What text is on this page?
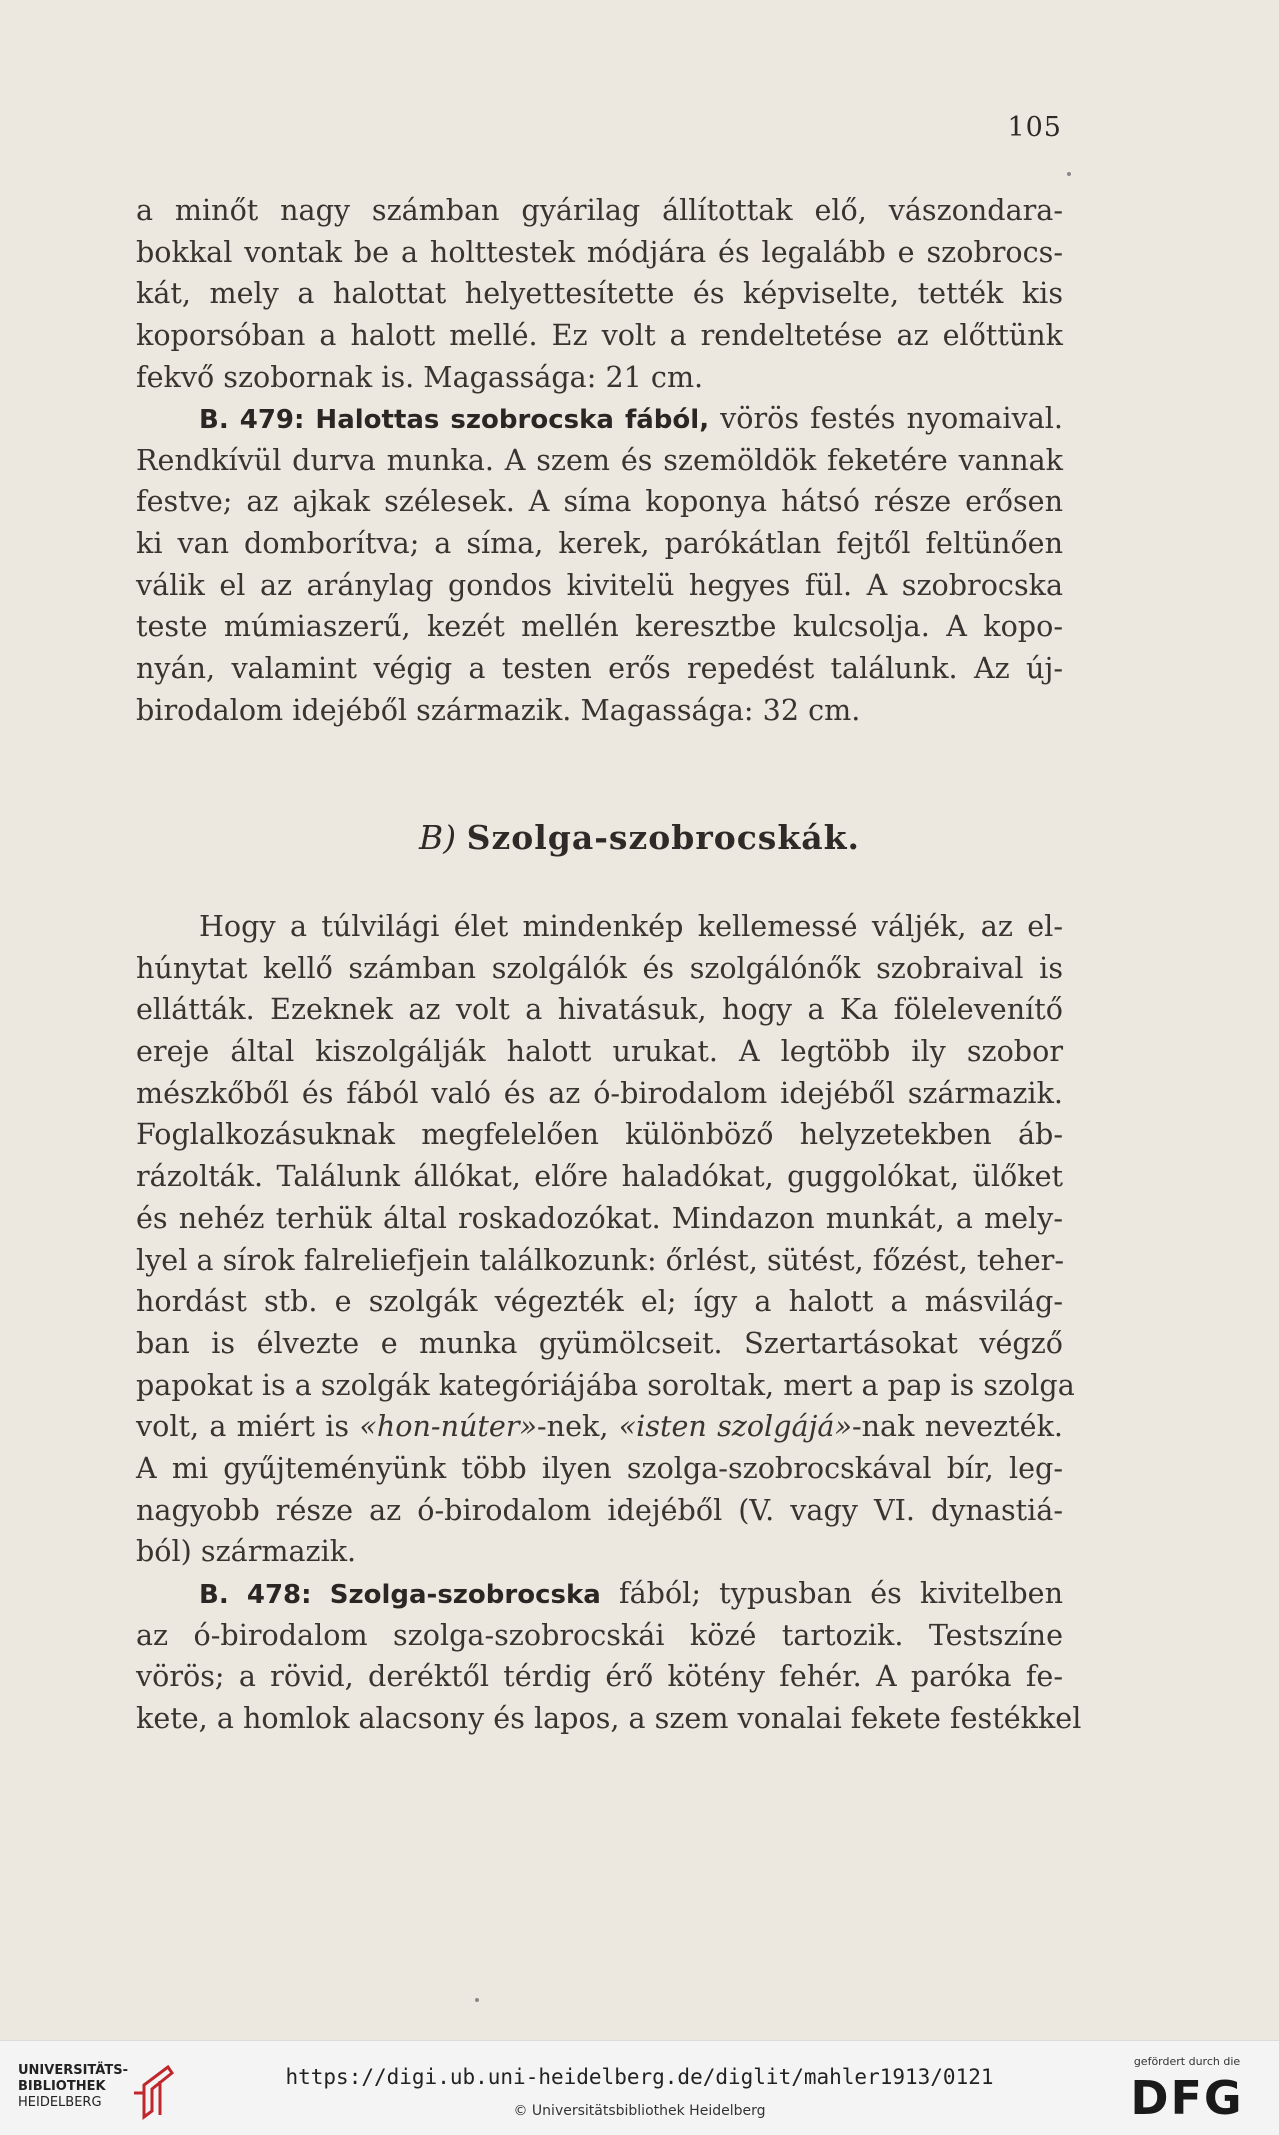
105
a minőt nagy számban gyárilag állítottak elő, vászondara-
bokkal vontak be a holttestek módjára és legalább e szobrocs-
kát, mely a halottat helyettesítette és képviselte, tették kis
koporsóban a halott mellé. Ez volt a rendeltetése az előttünk
fekvő szobornak is. Magassága: 21 cm.
B. 479: Halottas szobrocska fából, vörös festés nyomaival.
Rendkívül durva munka. A szem és szemöldök feketére vannak
festve; az ajkak szélesek. A síma koponya hátsó része erősen
ki van domborítva; a síma, kerek, parókátlan fejtől feltünően
válik el az aránylag gondos kivitelü hegyes fül. A szobrocska
teste múmiaszerű, kezét mellén keresztbe kulcsolja. A kopo-
nyán, valamint végig a testen erős repedést találunk. Az új-
birodalom idejéből származik. Magassága: 32 cm.
B) Szolga-szobrocskák.
Hogy a túlvilági élet mindenkép kellemessé váljék, az el-
húnytat kellő számban szolgálók és szolgálónők szobraival is
ellátták. Ezeknek az volt a hivatásuk, hogy a Ka fölelevenítő
ereje által kiszolgálják halott urukat. A legtöbb ily szobor
mészkőből és fából való és az ó-birodalom idejéből származik.
Foglalkozásuknak megfelelően különböző helyzetekben áb-
rázolták. Találunk állókat, előre haladókat, guggolókat, ülőket
és nehéz terhük által roskadozókat. Mindazon munkát, a mely-
lyel a sírok falreliefjein találkozunk: őrlést, sütést, főzést, teher-
hordást stb. e szolgák végezték el; így a halott a másvilág-
ban is élvezte e munka gyümölcseit. Szertartásokat végző
papokat is a szolgák kategóriájába soroltak, mert a pap is szolga
volt, a miért is «hon-núter»-nek, «isten szolgájá»-nak nevezték.
A mi gyűjteményünk több ilyen szolga-szobrocskával bír, leg-
nagyobb része az ó-birodalom idejéből (V. vagy VI. dynastiá-
ból) származik.
B. 478: Szolga-szobrocska fából; typusban és kivitelben
az ó-birodalom szolga-szobrocskái közé tartozik. Testszíne
vörös; a rövid, deréktől térdig érő kötény fehér. A paróka fe-
kete, a homlok alacsony és lapos, a szem vonalai fekete festékkel
UNIVERSITÄTS-
BIBLIOTHEK
HEIDELBERG
https://digi.ub.uni-heidelberg.de/diglit/mahler1913/0121
© Universitätsbibliothek Heidelberg
gefördert durch die
DFG
